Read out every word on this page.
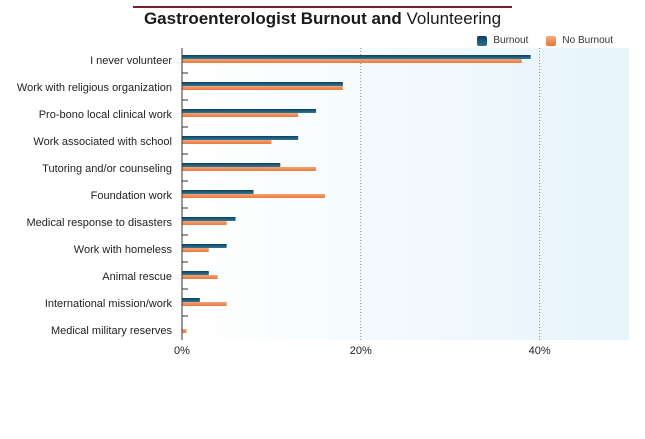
Gastroenterologist Burnout and Volunteering
Burnout	No Burnout
I never volunteer
Work with religious organization
Pro-bono local clinical work
Work associated with school
Tutoring and/or counseling
Foundation work
Medical response to disasters
Work with homeless
Animal rescue
International mission/work
Medical military reserves
0%	20%	40%
